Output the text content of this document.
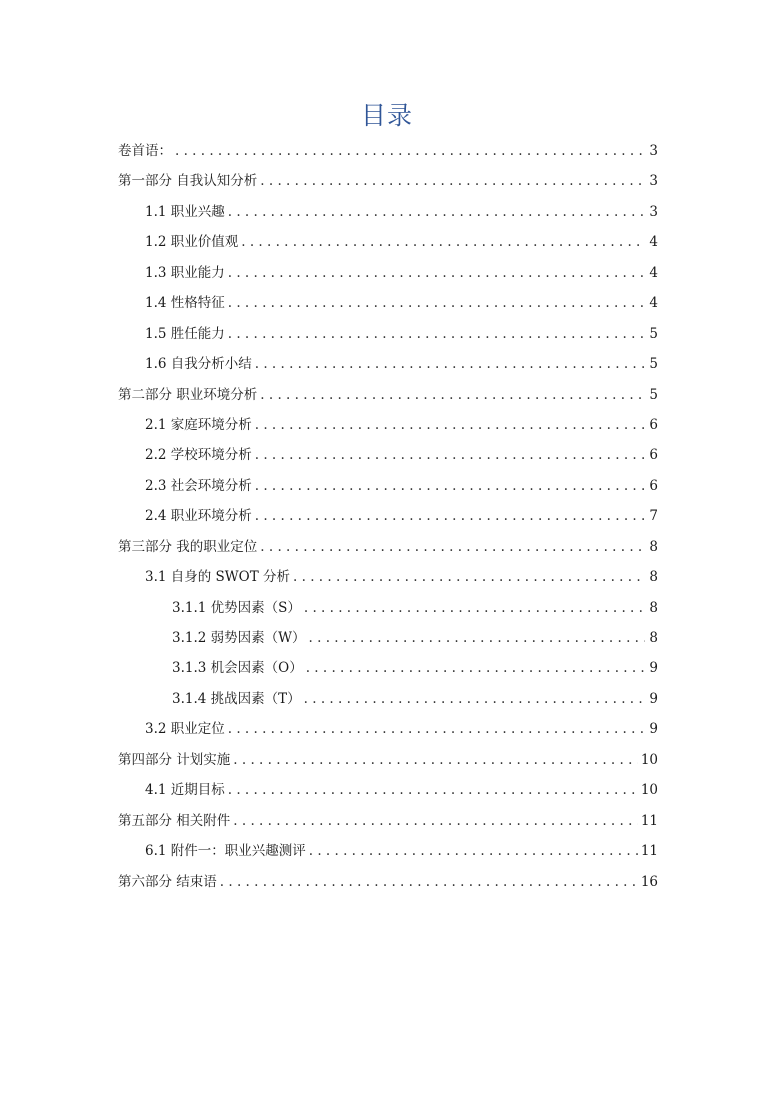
目录
卷首语： . . .	3
第一部分 自我认知分析 . . .	3
1.1 职业兴趣 . . .	3
1.2 职业价值观 . . .	4
1.3 职业能力 . . .	4
1.4 性格特征 . . .	4
1.5 胜任能力 . . .	5
1.6 自我分析小结 . . .	5
第二部分 职业环境分析 . . .	5
2.1 家庭环境分析 . . .	6
2.2 学校环境分析 . . .	6
2.3 社会环境分析 . . .	6
2.4 职业环境分析 . . .	7
第三部分 我的职业定位 . . .	8
3.1 自身的 SWOT 分析 . . .	8
3.1.1 优势因素（S） . . .	8
3.1.2 弱势因素（W） . . .	8
3.1.3 机会因素（O） . . .	9
3.1.4 挑战因素（T） . . .	9
3.2 职业定位 . . .	9
第四部分 计划实施 . . .	10
4.1 近期目标 . . .	10
第五部分 相关附件 . . .	11
6.1 附件一：职业兴趣测评 . . .	11
第六部分 结束语 . . .	16
